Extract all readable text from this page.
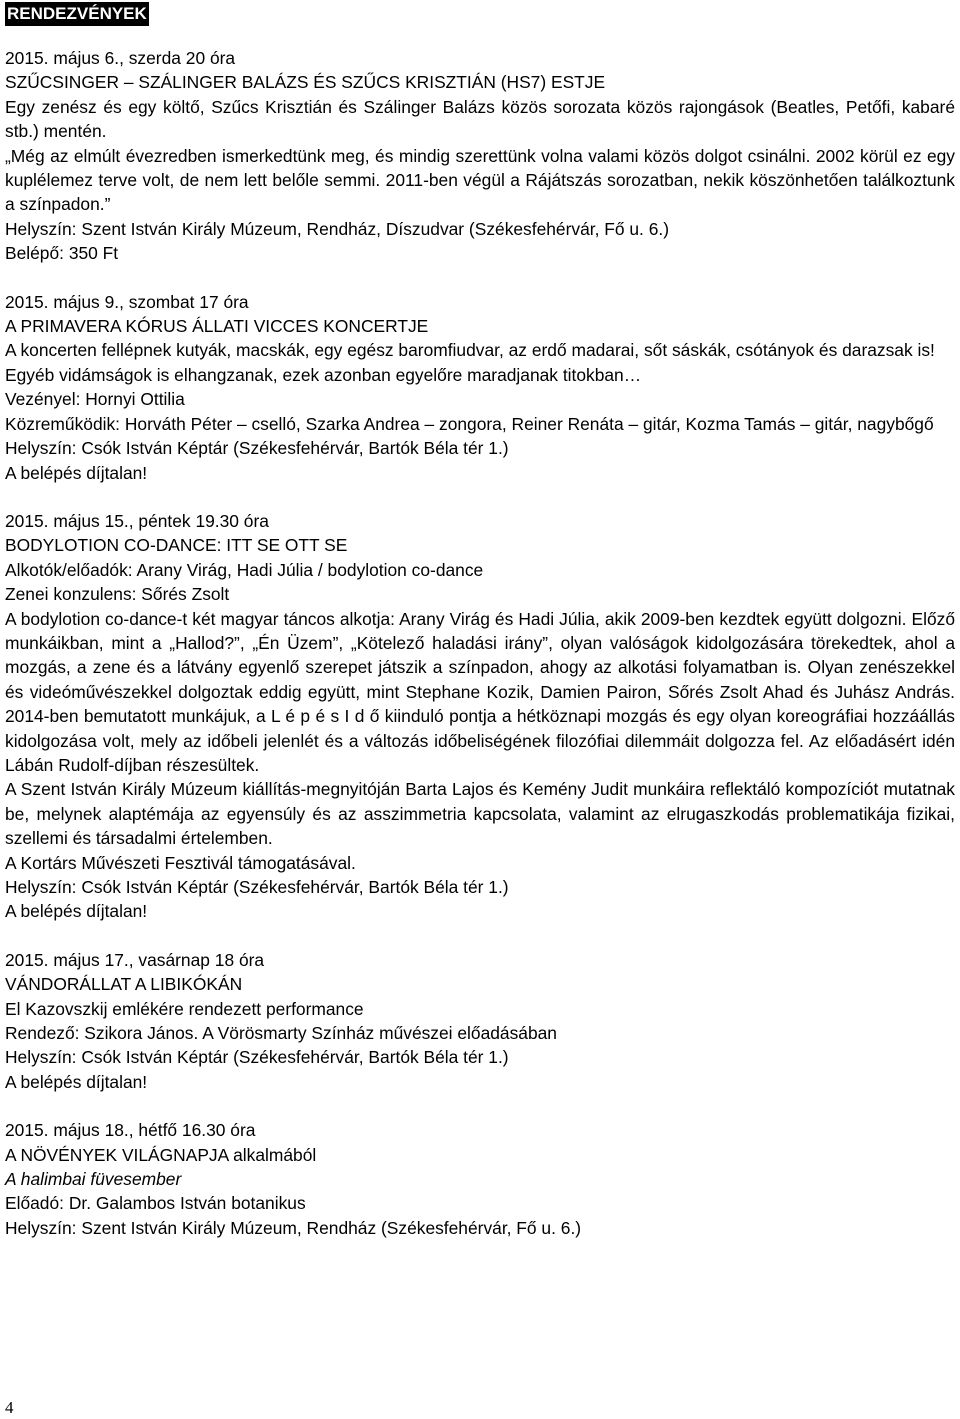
RENDEZVÉNYEK

2015. május 6., szerda 20 óra

SZŰCSINGER – SZÁLINGER BALÁZS ÉS SZŰCS KRISZTIÁN (HS7) ESTJE

Egy zenész és egy költő, Szűcs Krisztián és Szálinger Balázs közös sorozata közös rajongások (Beatles, Petőfi, kabaré stb.) mentén.

„Még az elmúlt évezredben ismerkedtünk meg, és mindig szerettünk volna valami közös dolgot csinálni. 2002 körül ez egy kuplélemez terve volt, de nem lett belőle semmi. 2011-ben végül a Rájátszás sorozatban, nekik köszönhetően találkoztunk a színpadon.”

Helyszín: Szent István Király Múzeum, Rendház, Díszudvar (Székesfehérvár, Fő u. 6.)

Belépő: 350 Ft

2015. május 9., szombat 17 óra

A PRIMAVERA KÓRUS ÁLLATI VICCES KONCERTJE

A koncerten fellépnek kutyák, macskák, egy egész baromfiudvar, az erdő madarai, sőt sáskák, csótányok és darazsak is!

Egyéb vidámságok is elhangzanak, ezek azonban egyelőre maradjanak titokban…

Vezényel: Hornyi Ottilia

Közreműködik: Horváth Péter – cselló, Szarka Andrea – zongora, Reiner Renáta – gitár, Kozma Tamás – gitár, nagybőgő

Helyszín: Csók István Képtár (Székesfehérvár, Bartók Béla tér 1.)

A belépés díjtalan!

2015. május 15., péntek 19.30 óra

BODYLOTION CO-DANCE: ITT SE OTT SE

Alkotók/előadók: Arany Virág, Hadi Júlia / bodylotion co-dance

Zenei konzulens: Sőrés Zsolt

A bodylotion co-dance-t két magyar táncos alkotja: Arany Virág és Hadi Júlia, akik 2009-ben kezdtek együtt dolgozni. Előző munkáikban, mint a „Hallod?”, „Én Üzem”, „Kötelező haladási irány”, olyan valóságok kidolgozására törekedtek, ahol a mozgás, a zene és a látvány egyenlő szerepet játszik a színpadon, ahogy az alkotási folyamatban is. Olyan zenészekkel és videóművészekkel dolgoztak eddig együtt, mint Stephane Kozik, Damien Pairon, Sőrés Zsolt Ahad és Juhász András. 2014-ben bemutatott munkájuk, a L é p é s I d ő kiinduló pontja a hétköznapi mozgás és egy olyan koreográfiai hozzáállás kidolgozása volt, mely az időbeli jelenlét és a változás időbeliségének filozófiai dilemmáit dolgozza fel. Az előadásért idén Lábán Rudolf-díjban részesültek.

A Szent István Király Múzeum kiállítás-megnyitóján Barta Lajos és Kemény Judit munkáira reflektáló kompozíciót mutatnak be, melynek alaptémája az egyensúly és az asszimmetria kapcsolata, valamint az elrugaszkodás problematikája fizikai, szellemi és társadalmi értelemben.

A Kortárs Művészeti Fesztivál támogatásával.

Helyszín: Csók István Képtár (Székesfehérvár, Bartók Béla tér 1.)

A belépés díjtalan!

2015. május 17., vasárnap 18 óra

VÁNDORÁLLAT A LIBIKÓKÁN

El Kazovszkij emlékére rendezett performance

Rendező: Szikora János. A Vörösmarty Színház művészei előadásában

Helyszín: Csók István Képtár (Székesfehérvár, Bartók Béla tér 1.)

A belépés díjtalan!

2015. május 18., hétfő 16.30 óra

A NÖVÉNYEK VILÁGNAPJA alkalmából

A halimbai füvesember

Előadó: Dr. Galambos István botanikus

Helyszín: Szent István Király Múzeum, Rendház (Székesfehérvár, Fő u. 6.)

4
